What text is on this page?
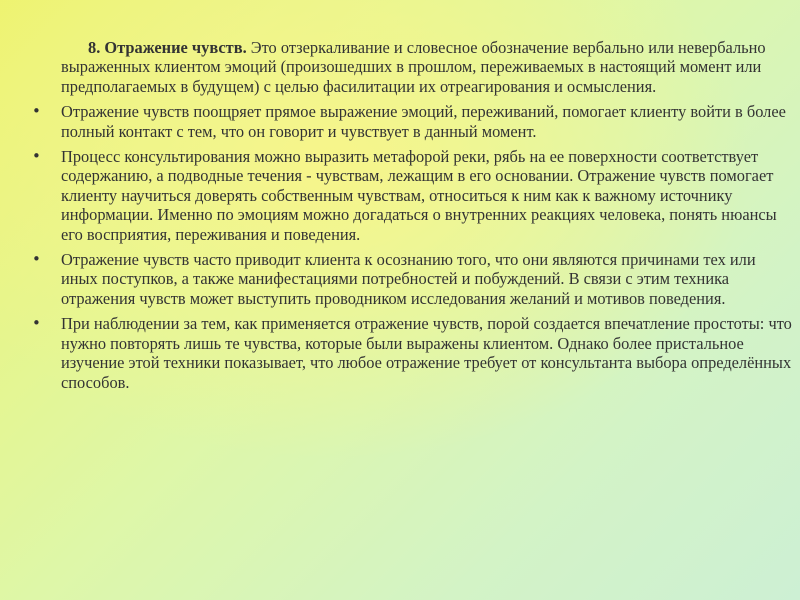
8. Отражение чувств. Это отзеркаливание и словесное обозначение вербально или невербально выраженных клиентом эмоций (произошедших в прошлом, переживаемых в настоящий момент или предполагаемых в будущем) с целью фасилитации их отреагирования и осмысления.

• Отражение чувств поощряет прямое выражение эмоций, переживаний, помогает клиенту войти в более полный контакт с тем, что он говорит и чувствует в данный момент.
• Процесс консультирования можно выразить метафорой реки, рябь на ее поверхности соответствует содержанию, а подводные течения - чувствам, лежащим в его основании. Отражение чувств помогает клиенту научиться доверять собственным чувствам, относиться к ним как к важному источнику информации. Именно по эмоциям можно догадаться о внутренних реакциях человека, понять нюансы его восприятия, переживания и поведения.
• Отражение чувств часто приводит клиента к осознанию того, что они являются причинами тех или иных поступков, а также манифестациями потребностей и побуждений. В связи с этим техника отражения чувств может выступить проводником исследования желаний и мотивов поведения.
• При наблюдении за тем, как применяется отражение чувств, порой создается впечатление простоты: что нужно повторять лишь те чувства, которые были выражены клиентом. Однако более пристальное изучение этой техники показывает, что любое отражение требует от консультанта выбора определённых способов.
